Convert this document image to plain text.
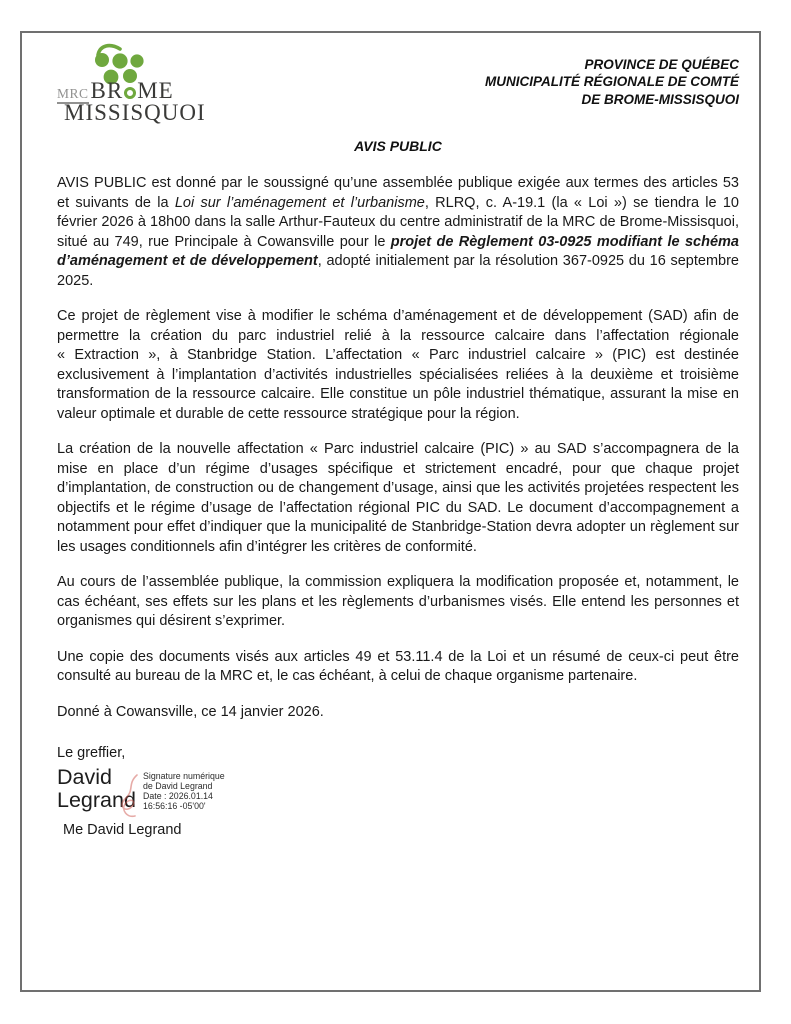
MRCBR ME
MISSISQUOI
PROVINCE DE QUÉBEC
MUNICIPALITÉ RÉGIONALE DE COMTÉ
DE BROME-MISSISQUOI
AVIS PUBLIC

AVIS PUBLIC est donné par le soussigné qu’une assemblée publique exigée aux termes des articles 53 et suivants de la Loi sur l’aménagement et l’urbanisme, RLRQ, c. A-19.1 (la « Loi ») se tiendra le 10 février 2026 à 18h00 dans la salle Arthur-Fauteux du centre administratif de la MRC de Brome-Missisquoi, situé au 749, rue Principale à Cowansville pour le projet de Règlement 03-0925 modifiant le schéma d’aménagement et de développement, adopté initialement par la résolution 367-0925 du 16 septembre 2025.

Ce projet de règlement vise à modifier le schéma d’aménagement et de développement (SAD) afin de permettre la création du parc industriel relié à la ressource calcaire dans l’affectation régionale « Extraction », à Stanbridge Station. L’affectation « Parc industriel calcaire » (PIC) est destinée exclusivement à l’implantation d’activités industrielles spécialisées reliées à la deuxième et troisième transformation de la ressource calcaire. Elle constitue un pôle industriel thématique, assurant la mise en valeur optimale et durable de cette ressource stratégique pour la région.

La création de la nouvelle affectation « Parc industriel calcaire (PIC) » au SAD s’accompagnera de la mise en place d’un régime d’usages spécifique et strictement encadré, pour que chaque projet d’implantation, de construction ou de changement d’usage, ainsi que les activités projetées respectent les objectifs et le régime d’usage de l’affectation régional PIC du SAD. Le document d’accompagnement a notamment pour effet d’indiquer que la municipalité de Stanbridge-Station devra adopter un règlement sur les usages conditionnels afin d’intégrer les critères de conformité.

Au cours de l’assemblée publique, la commission expliquera la modification proposée et, notamment, le cas échéant, ses effets sur les plans et les règlements d’urbanismes visés. Elle entend les personnes et organismes qui désirent s’exprimer.

Une copie des documents visés aux articles 49 et 53.11.4 de la Loi et un résumé de ceux-ci peut être consulté au bureau de la MRC et, le cas échéant, à celui de chaque organisme partenaire.

Donné à Cowansville, ce 14 janvier 2026.

Le greffier,

David Legrand
Signature numérique
de David Legrand
Date : 2026.01.14
16:56:16 -05'00'
Me David Legrand
